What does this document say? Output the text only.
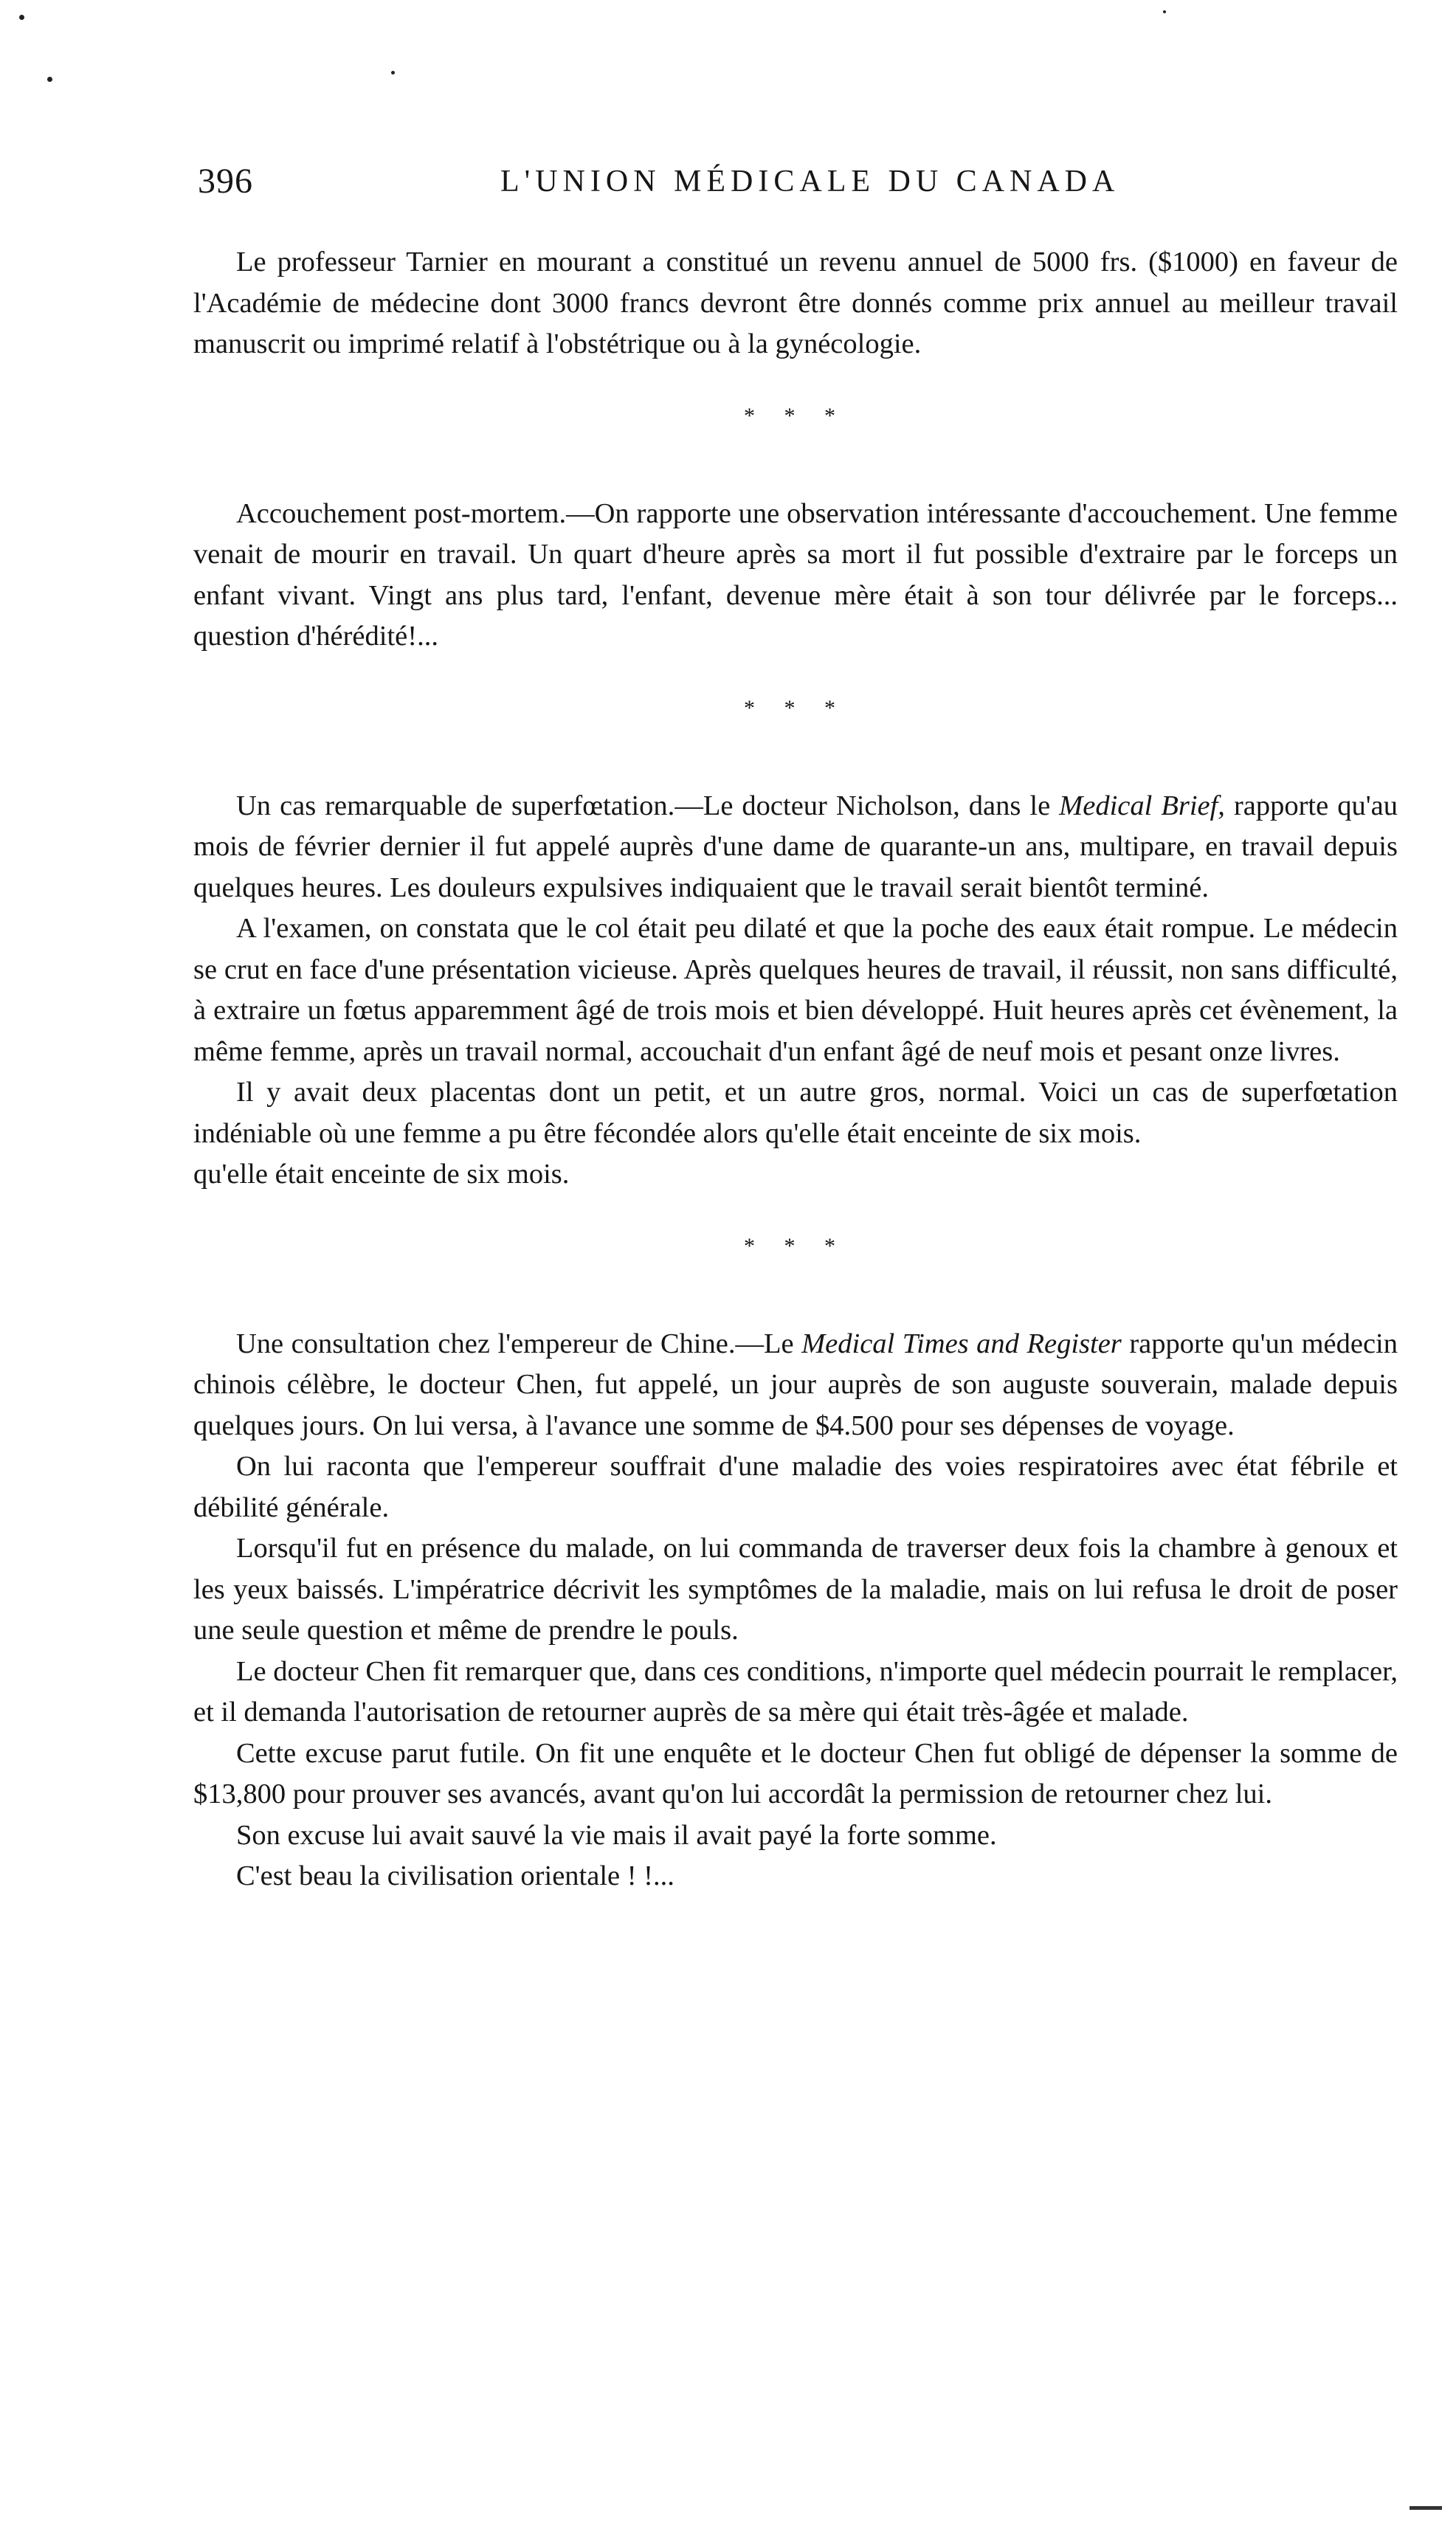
396	L'UNION MÉDICALE DU CANADA

Le professeur Tarnier en mourant a constitué un revenu annuel de 5000 frs. ($1000) en faveur de l'Académie de médecine dont 3000 francs devront être donnés comme prix annuel au meilleur travail manuscrit ou imprimé relatif à l'obstétrique ou à la gynécologie.

* * *

Accouchement post-mortem.—On rapporte une observation intéressante d'accouchement. Une femme venait de mourir en travail. Un quart d'heure après sa mort il fut possible d'extraire par le forceps un enfant vivant. Vingt ans plus tard, l'enfant, devenue mère était à son tour délivrée par le forceps... question d'hérédité!...

* * *

Un cas remarquable de superfœtation.—Le docteur Nicholson, dans le Medical Brief, rapporte qu'au mois de février dernier il fut appelé auprès d'une dame de quarante-un ans, multipare, en travail depuis quelques heures. Les douleurs expulsives indiquaient que le travail serait bientôt terminé.

A l'examen, on constata que le col était peu dilaté et que la poche des eaux était rompue. Le médecin se crut en face d'une présentation vicieuse. Après quelques heures de travail, il réussit, non sans difficulté, à extraire un fœtus apparemment âgé de trois mois et bien développé. Huit heures après cet évènement, la même femme, après un travail normal, accouchait d'un enfant âgé de neuf mois et pesant onze livres.

Il y avait deux placentas dont un petit, et un autre gros, normal. Voici un cas de superfœtation indéniable où une femme a pu être fécondée alors qu'elle était enceinte de six mois.

qu'elle était enceinte de six mois.

* * *

Une consultation chez l'empereur de Chine.—Le Medical Times and Register rapporte qu'un médecin chinois célèbre, le docteur Chen, fut appelé, un jour auprès de son auguste souverain, malade depuis quelques jours. On lui versa, à l'avance une somme de $4.500 pour ses dépenses de voyage.

On lui raconta que l'empereur souffrait d'une maladie des voies respiratoires avec état fébrile et débilité générale.

Lorsqu'il fut en présence du malade, on lui commanda de traverser deux fois la chambre à genoux et les yeux baissés. L'impératrice décrivit les symptômes de la maladie, mais on lui refusa le droit de poser une seule question et même de prendre le pouls.

Le docteur Chen fit remarquer que, dans ces conditions, n'importe quel médecin pourrait le remplacer, et il demanda l'autorisation de retourner auprès de sa mère qui était très-âgée et malade.

Cette excuse parut futile. On fit une enquête et le docteur Chen fut obligé de dépenser la somme de $13,800 pour prouver ses avancés, avant qu'on lui accordât la permission de retourner chez lui.

Son excuse lui avait sauvé la vie mais il avait payé la forte somme.

C'est beau la civilisation orientale ! !...
